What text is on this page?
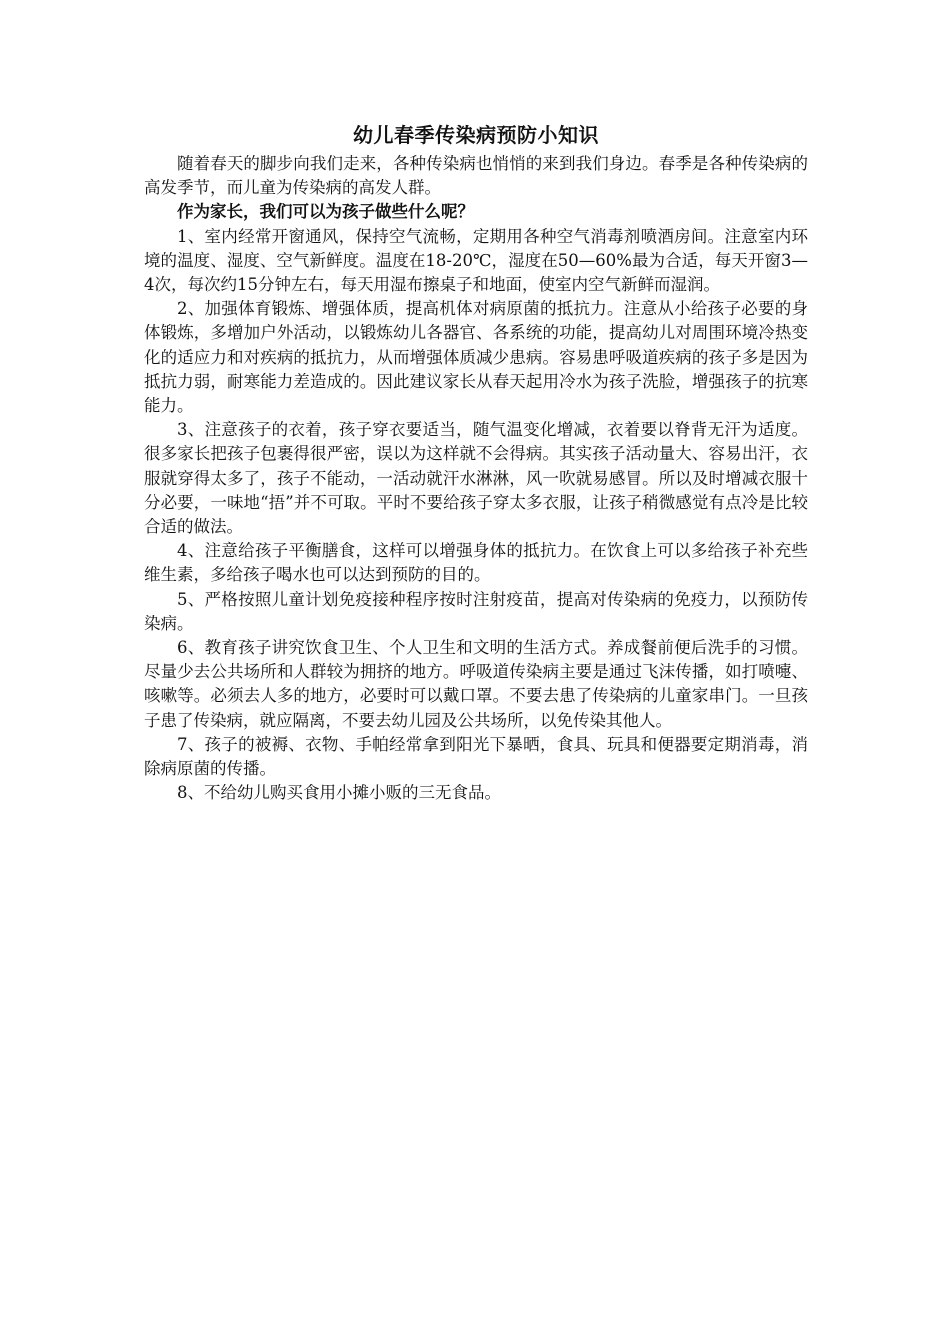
幼儿春季传染病预防小知识

随着春天的脚步向我们走来，各种传染病也悄悄的来到我们身边。春季是各种传染病的高发季节，而儿童为传染病的高发人群。

作为家长，我们可以为孩子做些什么呢？

1、室内经常开窗通风，保持空气流畅，定期用各种空气消毒剂喷酒房间。注意室内环境的温度、湿度、空气新鲜度。温度在18-20℃，湿度在50—60%最为合适，每天开窗3—4次，每次约15分钟左右，每天用湿布擦桌子和地面，使室内空气新鲜而湿润。

2、加强体育锻炼、增强体质，提高机体对病原菌的抵抗力。注意从小给孩子必要的身体锻炼，多增加户外活动，以锻炼幼儿各器官、各系统的功能，提高幼儿对周围环境冷热变化的适应力和对疾病的抵抗力，从而增强体质减少患病。容易患呼吸道疾病的孩子多是因为抵抗力弱，耐寒能力差造成的。因此建议家长从春天起用冷水为孩子洗脸，增强孩子的抗寒能力。

3、注意孩子的衣着，孩子穿衣要适当，随气温变化增减，衣着要以脊背无汗为适度。很多家长把孩子包裹得很严密，误以为这样就不会得病。其实孩子活动量大、容易出汗，衣服就穿得太多了，孩子不能动，一活动就汗水淋淋，风一吹就易感冒。所以及时增减衣服十分必要，一味地“捂”并不可取。平时不要给孩子穿太多衣服，让孩子稍微感觉有点冷是比较合适的做法。

4、注意给孩子平衡膳食，这样可以增强身体的抵抗力。在饮食上可以多给孩子补充些维生素，多给孩子喝水也可以达到预防的目的。

5、严格按照儿童计划免疫接种程序按时注射疫苗，提高对传染病的免疫力，以预防传染病。

6、教育孩子讲究饮食卫生、个人卫生和文明的生活方式。养成餐前便后洗手的习惯。尽量少去公共场所和人群较为拥挤的地方。呼吸道传染病主要是通过飞沫传播，如打喷嚏、咳嗽等。必须去人多的地方，必要时可以戴口罩。不要去患了传染病的儿童家串门。一旦孩子患了传染病，就应隔离，不要去幼儿园及公共场所，以免传染其他人。

7、孩子的被褥、衣物、手帕经常拿到阳光下暴晒，食具、玩具和便器要定期消毒，消除病原菌的传播。

8、不给幼儿购买食用小摊小贩的三无食品。
